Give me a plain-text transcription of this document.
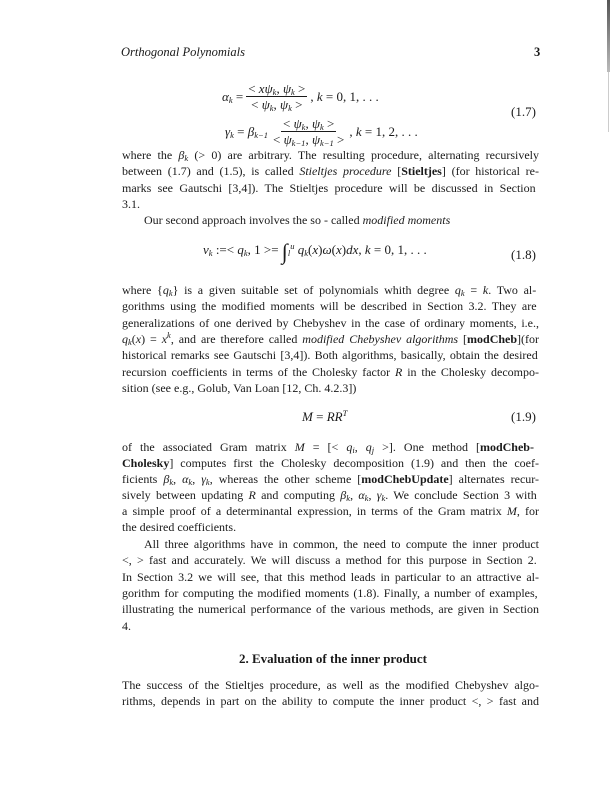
Orthogonal Polynomials	3
$\alpha k = \frac{\text{< xψk, ψk >}}{< \psi k, \psi k >}$ , k = 0, 1, . . .
$\gamma k = \beta k-1 \frac{< \psi k, \psi k >}{< \psi k-1, \psi k-1 >}$ , k = 1, 2, . . .
(1.7)
νk :=< qk, $1 >= \int l^u$ qk(x)ω(x)dx, k = 0, 1, . . .	(1.8)
$M = RR^T$	(1.9)
2. Evaluation of the inner product
where the βk (> 0) are arbitrary. The resulting procedure, alternating recursively
between (1.7) and (1.5), is called Stieltjes procedure [Stieltjes] (for historical re-
marks see Gautschi [3,4]). The Stieltjes procedure will be discussed in Section
3.1.
Our second approach involves the so - called modified moments
where {qk} is a given suitable set of polynomials whith degree qk = k. Two al-
gorithms using the modified moments will be described in Section 3.2. They are
generalizations of one derived by Chebyshev in the case of ordinary moments, i.e.,
$qk(x) = x^k$, and are therefore called modified Chebyshev algorithms [modCheb](for
historical remarks see Gautschi [3,4]). Both algorithms, basically, obtain the desired
recursion coefficients in terms of the Cholesky factor R in the Cholesky decompo-
sition (see e.g., Golub, Van Loan [12, Ch. 4.2.3])
of the associated Gram matrix M = [< qi, qj >]. One method [modCheb-
Cholesky] computes first the Cholesky decomposition (1.9) and then the coef-
ficients βk, αk, γk, whereas the other scheme [modChebUpdate] alternates recur-
sively between updating R and computing βk, αk, γk. We conclude Section 3 with
a simple proof of a determinantal expression, in terms of the Gram matrix M, for
the desired coefficients.
All three algorithms have in common, the need to compute the inner product
<, > fast and accurately. We will discuss a method for this purpose in Section 2.
In Section 3.2 we will see, that this method leads in particular to an attractive al-
gorithm for computing the modified moments (1.8). Finally, a number of examples,
illustrating the numerical performance of the various methods, are given in Section
4.
The success of the Stieltjes procedure, as well as the modified Chebyshev algo-
rithms, depends in part on the ability to compute the inner product <, > fast and
